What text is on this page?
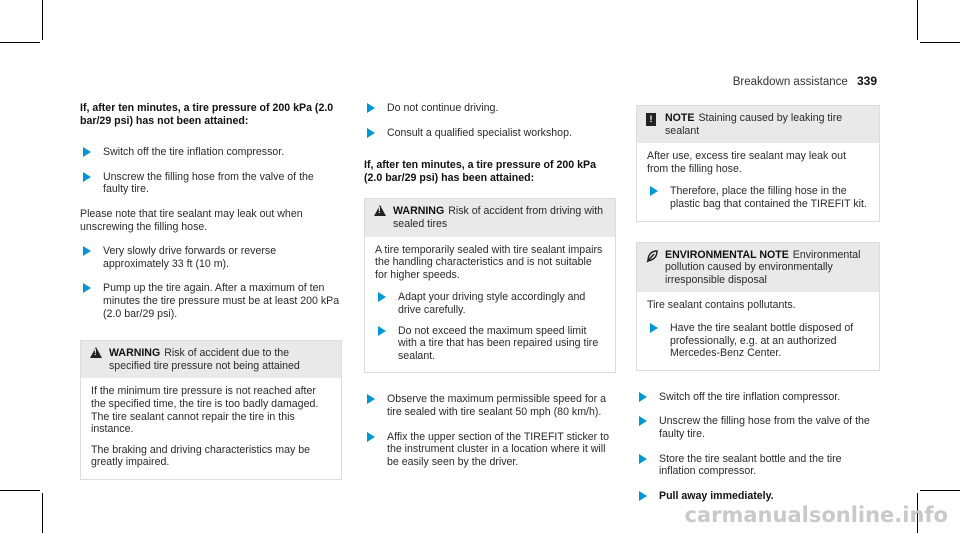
Breakdown assistance 339
If, after ten minutes, a tire pressure of 200 kPa (2.0 bar/29 psi) has not been attained:
Switch off the tire inflation compressor.
Unscrew the filling hose from the valve of the faulty tire.

Please note that tire sealant may leak out when unscrewing the filling hose.

Very slowly drive forwards or reverse approximately 33 ft (10 m).
Pump up the tire again. After a maximum of ten minutes the tire pressure must be at least 200 kPa (2.0 bar/29 psi).
!
WARNING Risk of accident due to the specified tire pressure not being attained

If the minimum tire pressure is not reached after the specified time, the tire is too badly damaged. The tire sealant cannot repair the tire in this instance.

The braking and driving characteristics may be greatly impaired.

Do not continue driving.
Consult a qualified specialist workshop.
If, after ten minutes, a tire pressure of 200 kPa (2.0 bar/29 psi) has been attained:
!
WARNING Risk of accident from driving with sealed tires

A tire temporarily sealed with tire sealant impairs the handling characteristics and is not suitable for higher speeds.

Adapt your driving style accordingly and drive carefully.
Do not exceed the maximum speed limit with a tire that has been repaired using tire sealant.
Observe the maximum permissible speed for a tire sealed with tire sealant 50 mph (80 km/h).
Affix the upper section of the TIREFIT sticker to the instrument cluster in a location where it will be easily seen by the driver.
!	NOTE Staining caused by leaking tire sealant

After use, excess tire sealant may leak out from the filling hose.

Therefore, place the filling hose in the plastic bag that contained the TIREFIT kit.
ENVIRONMENTAL NOTE Environmental pollution caused by environmentally irresponsible disposal

Tire sealant contains pollutants.

Have the tire sealant bottle disposed of professionally, e.g. at an authorized Mercedes-Benz Center.
Switch off the tire inflation compressor.
Unscrew the filling hose from the valve of the faulty tire.
Store the tire sealant bottle and the tire inflation compressor.
Pull away immediately.
carmanualsonline.info
